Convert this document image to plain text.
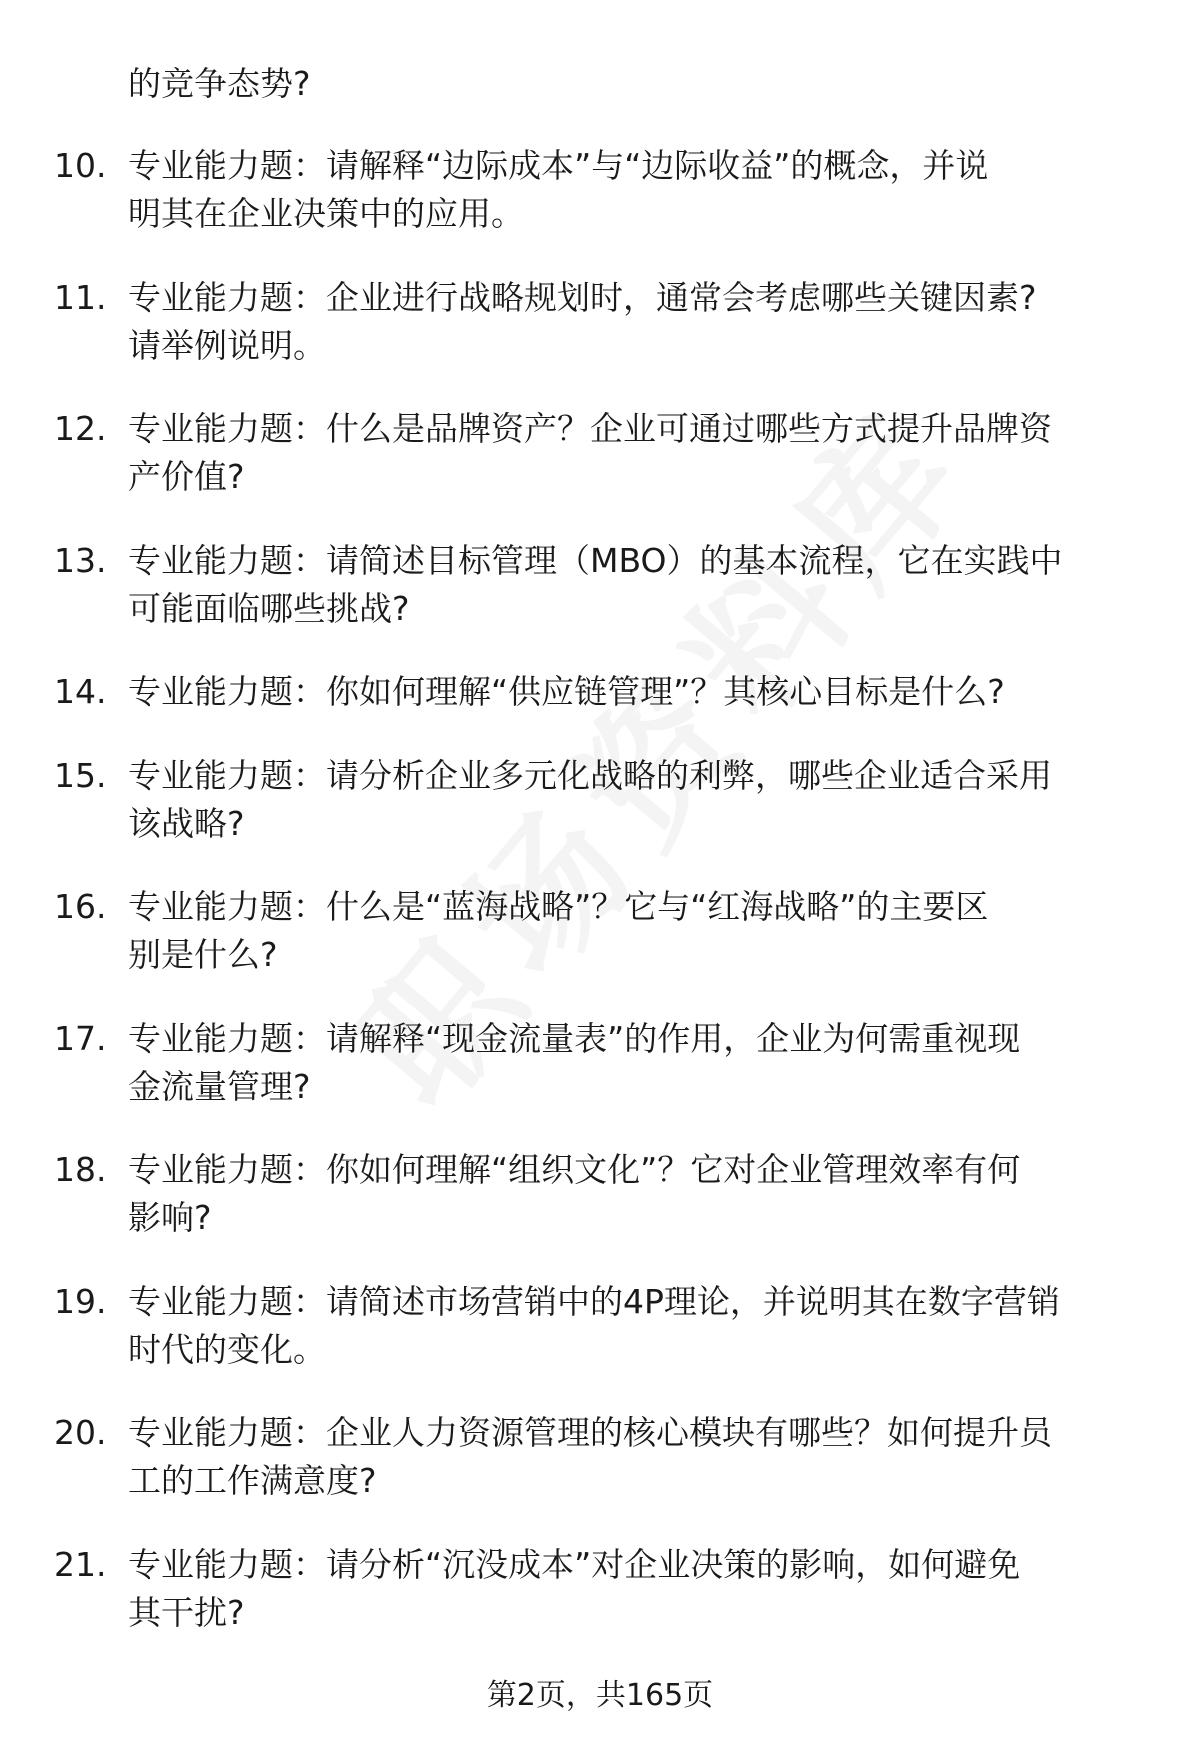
的竞争态势?
10. 专业能力题：请解释“边际成本”与“边际收益”的概念，并说
明其在企业决策中的应用。
11. 专业能力题：企业进行战略规划时，通常会考虑哪些关键因素?
请举例说明。
12. 专业能力题：什么是品牌资产？企业可通过哪些方式提升品牌资
产价值?
13. 专业能力题：请简述目标管理（MBO）的基本流程，它在实践中
可能面临哪些挑战?
14. 专业能力题：你如何理解“供应链管理”？其核心目标是什么?
15. 专业能力题：请分析企业多元化战略的利弊，哪些企业适合采用
该战略?
16. 专业能力题：什么是“蓝海战略”？它与“红海战略”的主要区
别是什么?
17. 专业能力题：请解释“现金流量表”的作用，企业为何需重视现
金流量管理?
18. 专业能力题：你如何理解“组织文化”？它对企业管理效率有何
影响?
19. 专业能力题：请简述市场营销中的4P理论，并说明其在数字营销
时代的变化。
20. 专业能力题：企业人力资源管理的核心模块有哪些？如何提升员
工的工作满意度?
21. 专业能力题：请分析“沉没成本”对企业决策的影响，如何避免
其干扰?
第2页，共165页
